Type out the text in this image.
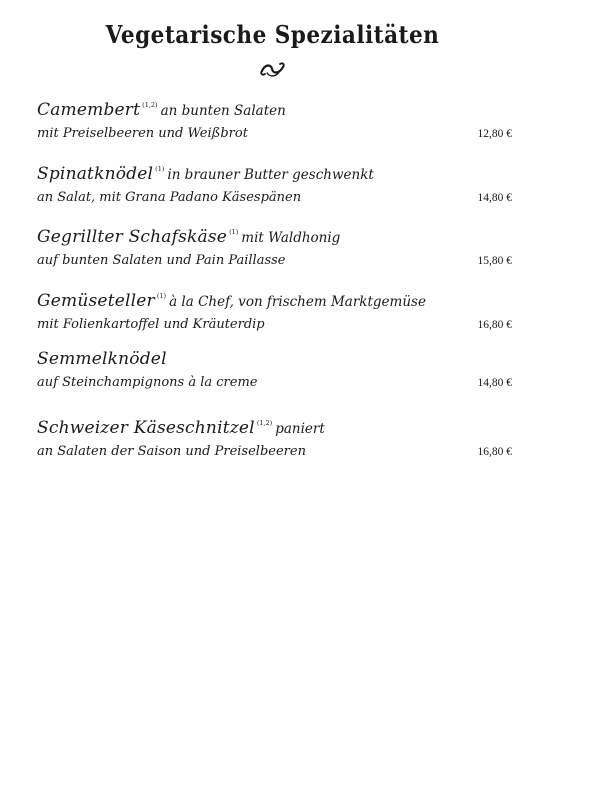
Vegetarische Spezialitäten
Camembert $^{(1,2)}$ an bunten Salaten
mit Preiselbeeren und Weißbrot	12,80 €
Spinatknödel $^{(1)}$ in brauner Butter geschwenkt
an Salat, mit Grana Padano Käsespänen	14,80 €
Gegrillter Schafskäse $^{(1)}$ mit Waldhonig
auf bunten Salaten und Pain Paillasse	15,80 €
Gemüseteller $^{(1)}$ à la Chef, von frischem Marktgemüse
mit Folienkartoffel und Kräuterdip	16,80 €
Semmelknödel
auf Steinchampignons à la creme	14,80 €
Schweizer Käseschnitzel $^{(1,2)}$ paniert
an Salaten der Saison und Preiselbeeren	16,80 €
